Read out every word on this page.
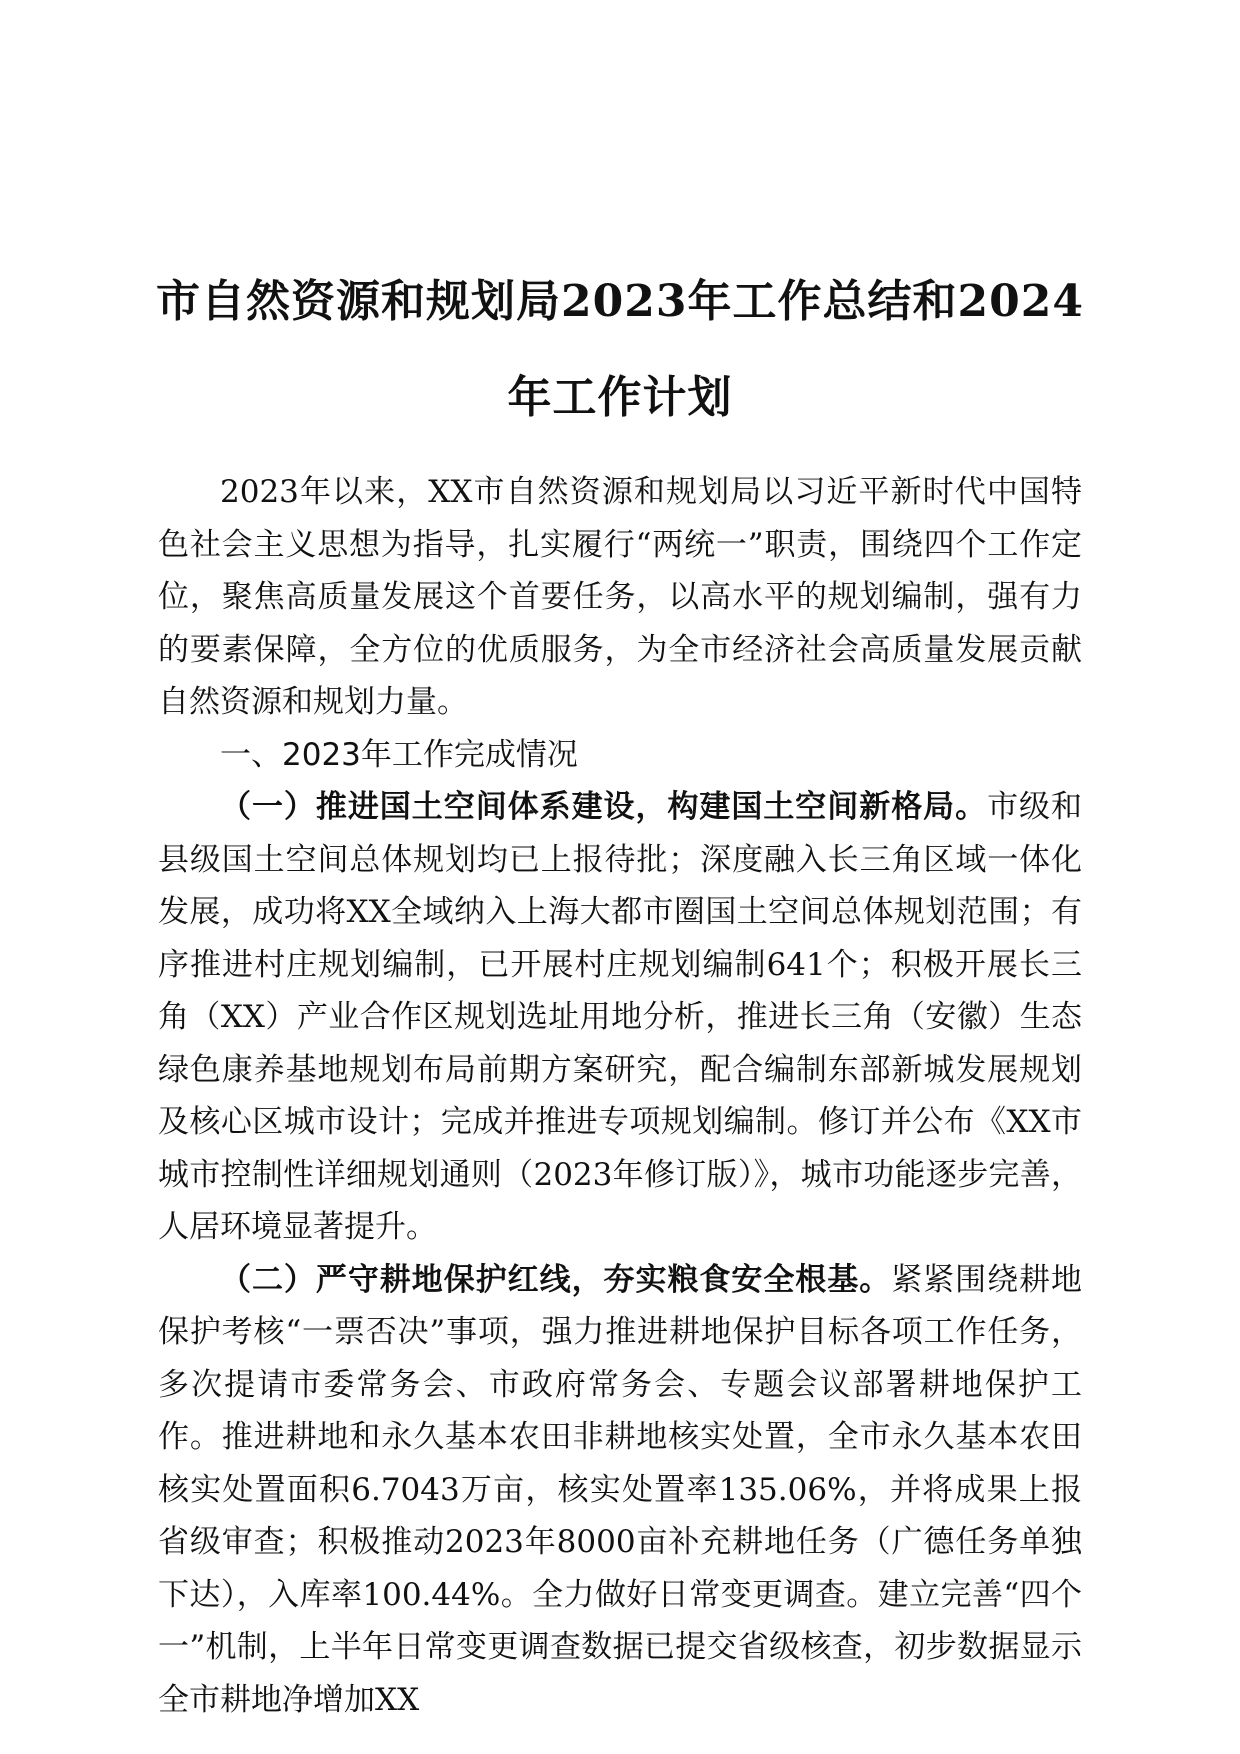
市自然资源和规划局2023年工作总结和2024
年工作计划

2023年以来，XX市自然资源和规划局以习近平新时代中国特色社会主义思想为指导，扎实履行“两统一”职责，围绕四个工作定位，聚焦高质量发展这个首要任务，以高水平的规划编制，强有力的要素保障，全方位的优质服务，为全市经济社会高质量发展贡献自然资源和规划力量。

一、2023年工作完成情况

（一）推进国土空间体系建设，构建国土空间新格局。市级和县级国土空间总体规划均已上报待批；深度融入长三角区域一体化发展，成功将XX全域纳入上海大都市圈国土空间总体规划范围；有序推进村庄规划编制，已开展村庄规划编制641个；积极开展长三角（XX）产业合作区规划选址用地分析，推进长三角（安徽）生态绿色康养基地规划布局前期方案研究，配合编制东部新城发展规划及核心区城市设计；完成并推进专项规划编制。修订并公布《XX市城市控制性详细规划通则（2023年修订版）》，城市功能逐步完善，人居环境显著提升。

（二）严守耕地保护红线，夯实粮食安全根基。紧紧围绕耕地保护考核“一票否决”事项，强力推进耕地保护目标各项工作任务，多次提请市委常务会、市政府常务会、专题会议部署耕地保护工作。推进耕地和永久基本农田非耕地核实处置，全市永久基本农田核实处置面积6.7043万亩，核实处置率135.06%，并将成果上报省级审查；积极推动2023年8000亩补充耕地任务（广德任务单独下达），入库率100.44%。全力做好日常变更调查。建立完善“四个一”机制，上半年日常变更调查数据已提交省级核查，初步数据显示全市耕地净增加XX
